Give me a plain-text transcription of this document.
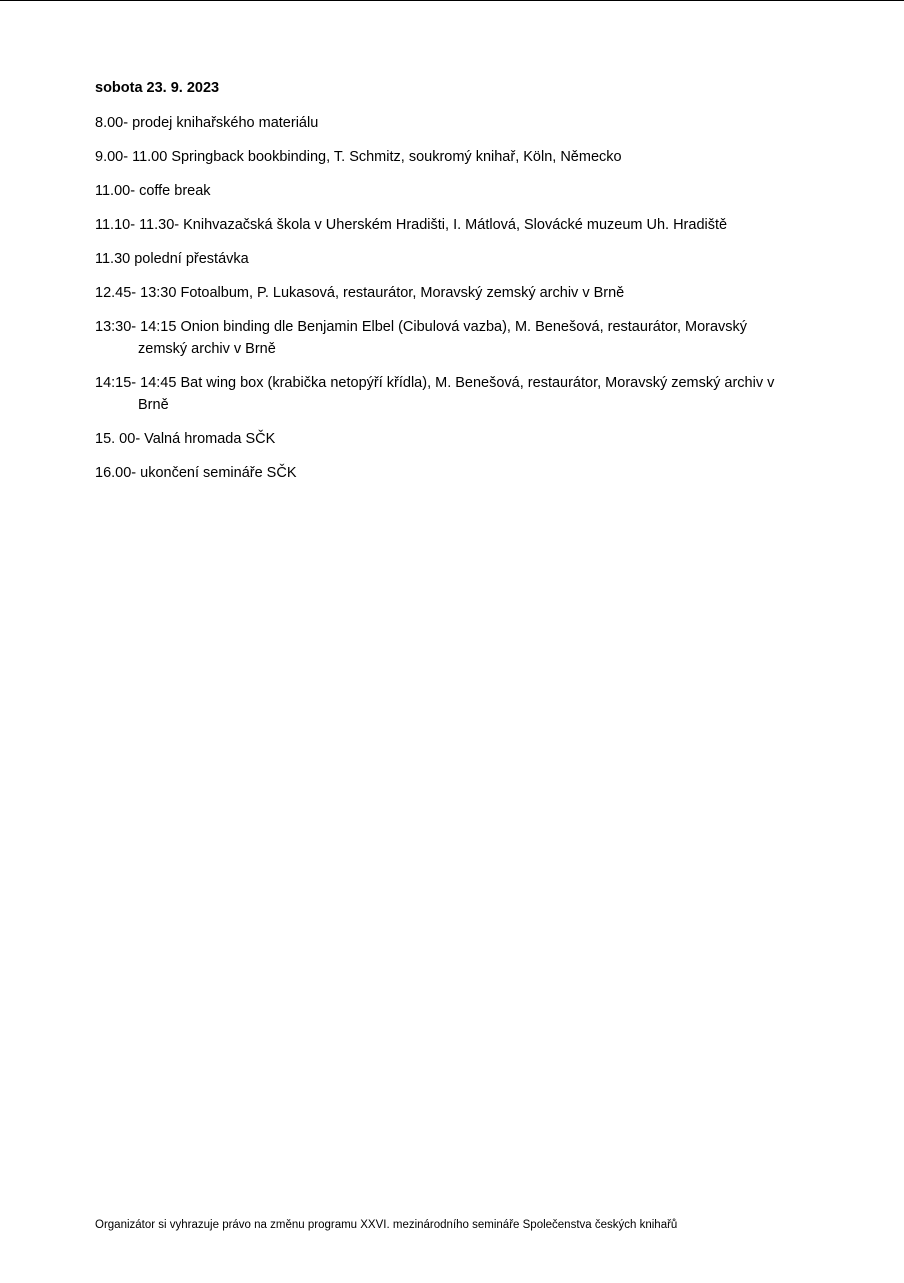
sobota 23. 9. 2023
8.00- prodej knihařského materiálu
9.00- 11.00 Springback bookbinding, T. Schmitz, soukromý knihař, Köln, Německo
11.00- coffe break
11.10- 11.30- Knihvazačská škola v Uherském Hradišti, I. Mátlová, Slovácké muzeum Uh. Hradiště
11.30 polední přestávka
12.45- 13:30 Fotoalbum, P. Lukasová, restaurátor, Moravský zemský archiv v Brně
13:30- 14:15 Onion binding dle Benjamin Elbel (Cibulová vazba), M. Benešová, restaurátor, Moravský zemský archiv v Brně
14:15- 14:45 Bat wing box (krabička netopýří křídla), M. Benešová, restaurátor, Moravský zemský archiv v Brně
15. 00- Valná hromada SČK
16.00- ukončení semináře SČK
Organizátor si vyhrazuje právo na změnu programu XXVI. mezinárodního semináře Společenstva českých knihařů
